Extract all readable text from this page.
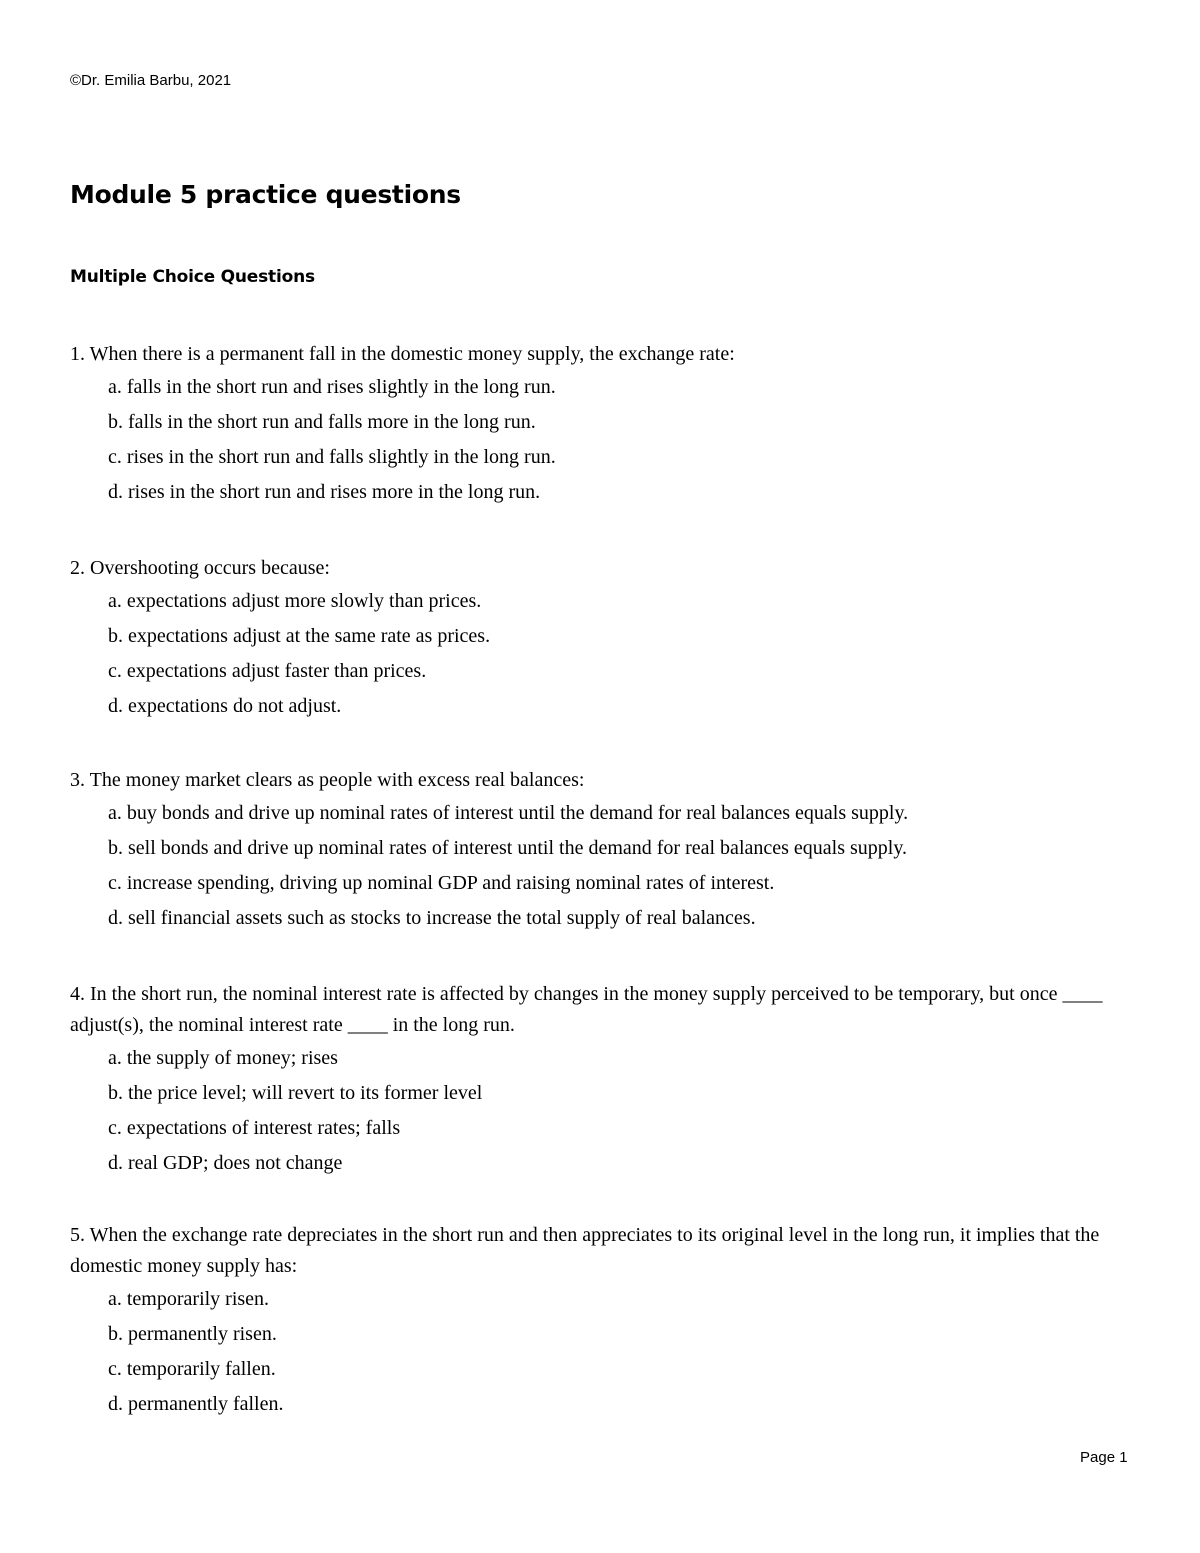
©Dr. Emilia Barbu, 2021
Module 5 practice questions
Multiple Choice Questions

1. When there is a permanent fall in the domestic money supply, the exchange rate:

a. falls in the short run and rises slightly in the long run.
b. falls in the short run and falls more in the long run.
c. rises in the short run and falls slightly in the long run.
d. rises in the short run and rises more in the long run.

2. Overshooting occurs because:

a. expectations adjust more slowly than prices.
b. expectations adjust at the same rate as prices.
c. expectations adjust faster than prices.
d. expectations do not adjust.

3. The money market clears as people with excess real balances:

a. buy bonds and drive up nominal rates of interest until the demand for real balances equals supply.
b. sell bonds and drive up nominal rates of interest until the demand for real balances equals supply.
c. increase spending, driving up nominal GDP and raising nominal rates of interest.
d. sell financial assets such as stocks to increase the total supply of real balances.

4. In the short run, the nominal interest rate is affected by changes in the money supply perceived to be temporary, but once ____ adjust(s), the nominal interest rate ____ in the long run.

a. the supply of money; rises
b. the price level; will revert to its former level
c. expectations of interest rates; falls
d. real GDP; does not change

5. When the exchange rate depreciates in the short run and then appreciates to its original level in the long run, it implies that the domestic money supply has:

a. temporarily risen.
b. permanently risen.
c. temporarily fallen.
d. permanently fallen.
Page 1
